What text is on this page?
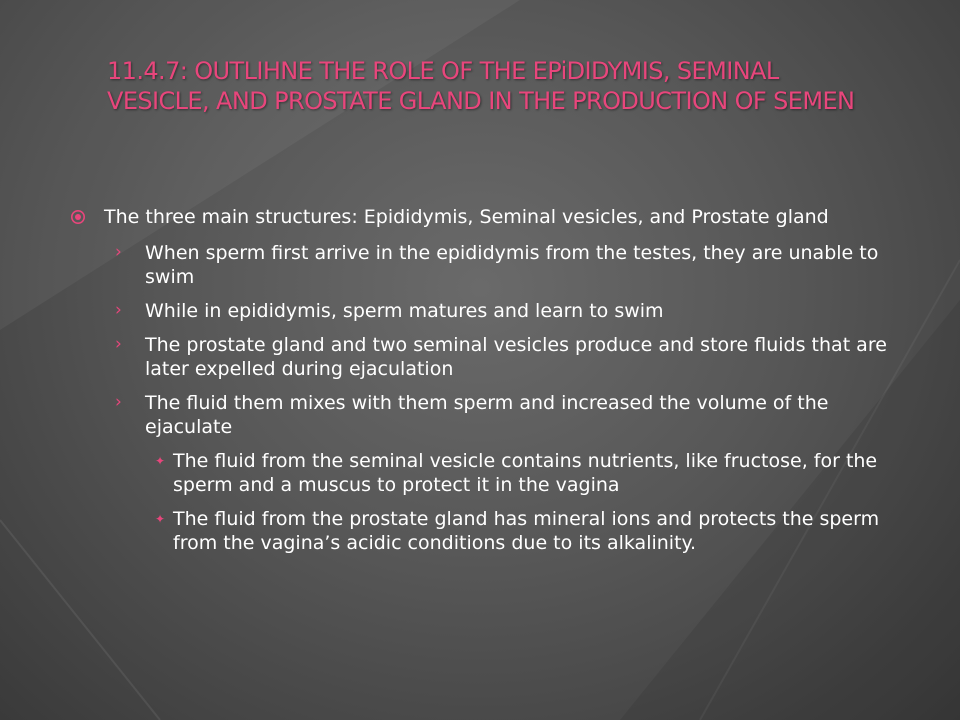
11.4.7: OUTLIHNE THE ROLE OF THE EPiDIDYMIS, SEMINAL VESICLE, AND PROSTATE GLAND IN THE PRODUCTION OF SEMEN
The three main structures: Epididymis, Seminal vesicles, and Prostate gland
› When sperm first arrive in the epididymis from the testes, they are unable to swim
› While in epididymis, sperm matures and learn to swim
› The prostate gland and two seminal vesicles produce and store fluids that are later expelled during ejaculation
› The fluid them mixes with them sperm and increased the volume of the ejaculate
✦ The fluid from the seminal vesicle contains nutrients, like fructose, for the sperm and a muscus to protect it in the vagina
✦ The fluid from the prostate gland has mineral ions and protects the sperm from the vagina’s acidic conditions due to its alkalinity.
